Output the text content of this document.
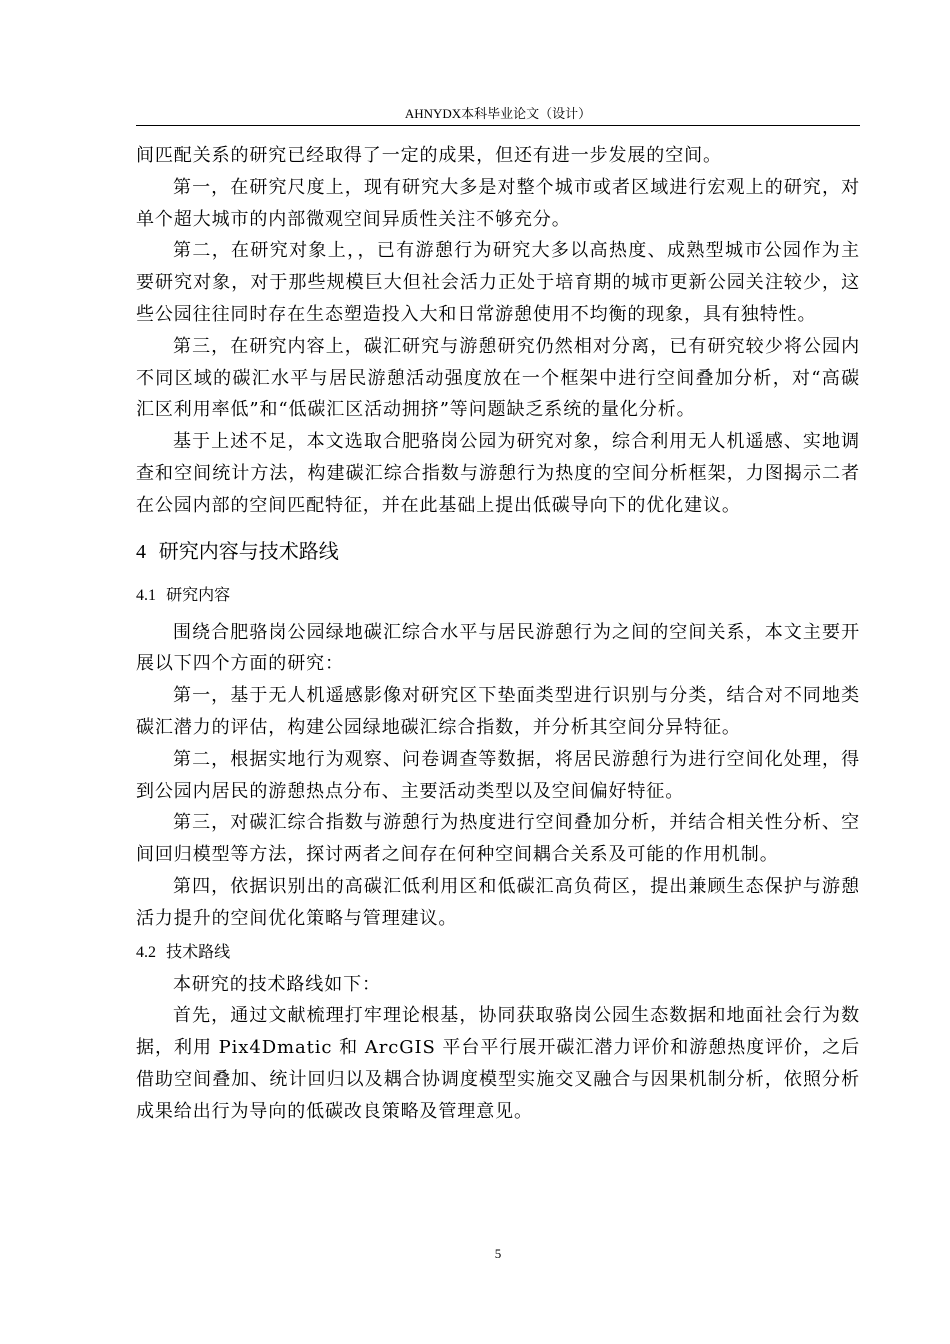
AHNYDX本科毕业论文（设计）

间匹配关系的研究已经取得了一定的成果，但还有进一步发展的空间。

第一，在研究尺度上，现有研究大多是对整个城市或者区域进行宏观上的研究，对单个超大城市的内部微观空间异质性关注不够充分。

第二，在研究对象上，，已有游憩行为研究大多以高热度、成熟型城市公园作为主要研究对象，对于那些规模巨大但社会活力正处于培育期的城市更新公园关注较少，这些公园往往同时存在生态塑造投入大和日常游憩使用不均衡的现象，具有独特性。

第三，在研究内容上，碳汇研究与游憩研究仍然相对分离，已有研究较少将公园内不同区域的碳汇水平与居民游憩活动强度放在一个框架中进行空间叠加分析，对“高碳汇区利用率低”和“低碳汇区活动拥挤”等问题缺乏系统的量化分析。

基于上述不足，本文选取合肥骆岗公园为研究对象，综合利用无人机遥感、实地调查和空间统计方法，构建碳汇综合指数与游憩行为热度的空间分析框架，力图揭示二者在公园内部的空间匹配特征，并在此基础上提出低碳导向下的优化建议。

4 研究内容与技术路线
4.1 研究内容

围绕合肥骆岗公园绿地碳汇综合水平与居民游憩行为之间的空间关系，本文主要开展以下四个方面的研究：

第一，基于无人机遥感影像对研究区下垫面类型进行识别与分类，结合对不同地类碳汇潜力的评估，构建公园绿地碳汇综合指数，并分析其空间分异特征。

第二，根据实地行为观察、问卷调查等数据，将居民游憩行为进行空间化处理，得到公园内居民的游憩热点分布、主要活动类型以及空间偏好特征。

第三，对碳汇综合指数与游憩行为热度进行空间叠加分析，并结合相关性分析、空间回归模型等方法，探讨两者之间存在何种空间耦合关系及可能的作用机制。

第四，依据识别出的高碳汇低利用区和低碳汇高负荷区，提出兼顾生态保护与游憩活力提升的空间优化策略与管理建议。

4.2 技术路线

本研究的技术路线如下：

首先，通过文献梳理打牢理论根基，协同获取骆岗公园生态数据和地面社会行为数据，利用 Pix4Dmatic 和 ArcGIS 平台平行展开碳汇潜力评价和游憩热度评价，之后借助空间叠加、统计回归以及耦合协调度模型实施交叉融合与因果机制分析，依照分析成果给出行为导向的低碳改良策略及管理意见。

5
